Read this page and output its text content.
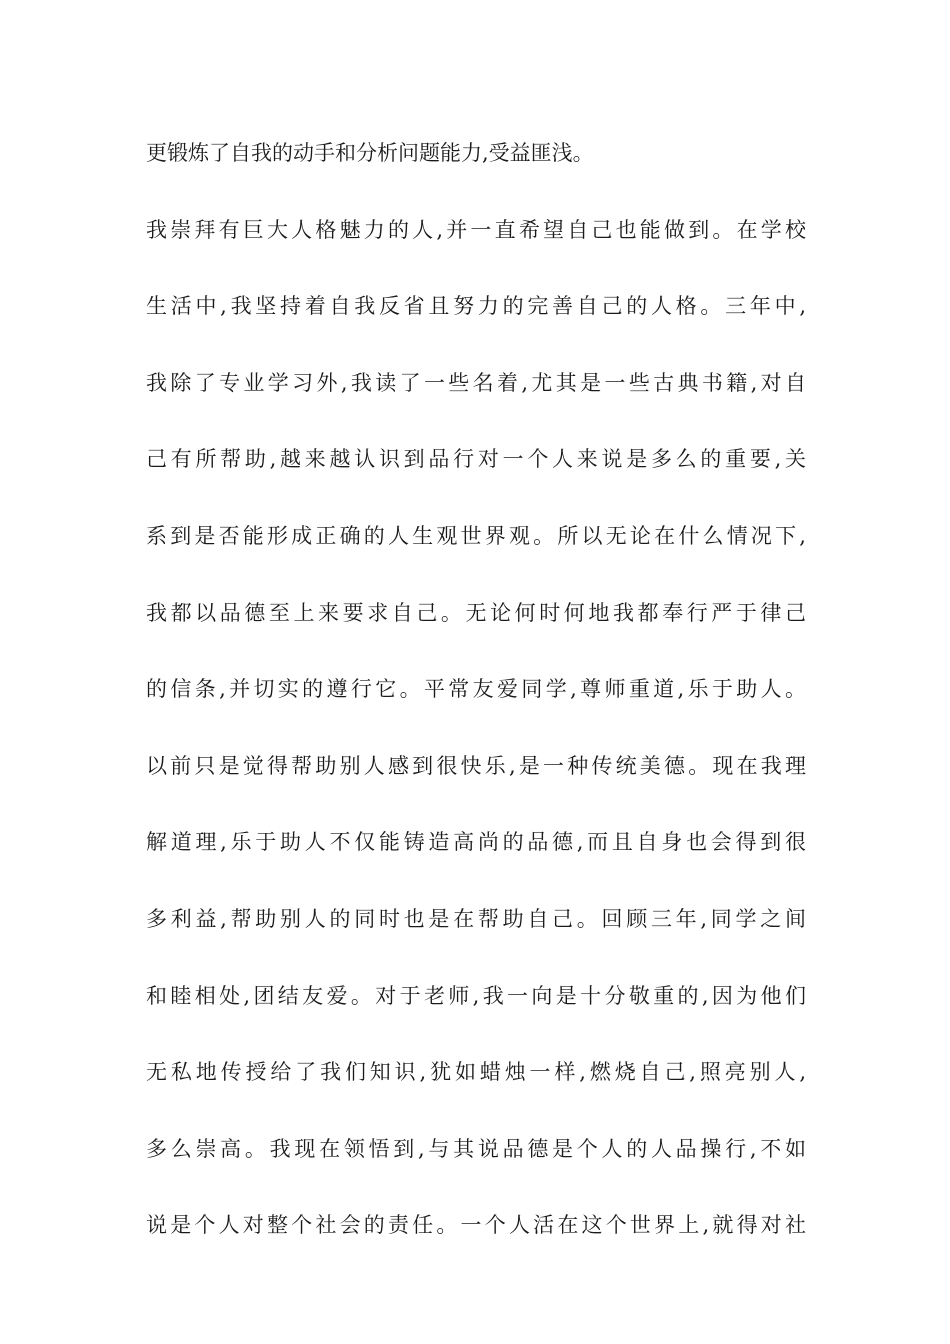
更锻炼了自我的动手和分析问题能力,受益匪浅。
我崇拜有巨大人格魅力的人,并一直希望自己也能做到。在学校
生活中,我坚持着自我反省且努力的完善自己的人格。三年中,
我除了专业学习外,我读了一些名着,尤其是一些古典书籍,对自
己有所帮助,越来越认识到品行对一个人来说是多么的重要,关
系到是否能形成正确的人生观世界观。所以无论在什么情况下,
我都以品德至上来要求自己。无论何时何地我都奉行严于律己
的信条,并切实的遵行它。平常友爱同学,尊师重道,乐于助人。
以前只是觉得帮助别人感到很快乐,是一种传统美德。现在我理
解道理,乐于助人不仅能铸造高尚的品德,而且自身也会得到很
多利益,帮助别人的同时也是在帮助自己。回顾三年,同学之间
和睦相处,团结友爱。对于老师,我一向是十分敬重的,因为他们
无私地传授给了我们知识,犹如蜡烛一样,燃烧自己,照亮别人,
多么崇高。我现在领悟到,与其说品德是个人的人品操行,不如
说是个人对整个社会的责任。一个人活在这个世界上,就得对社
